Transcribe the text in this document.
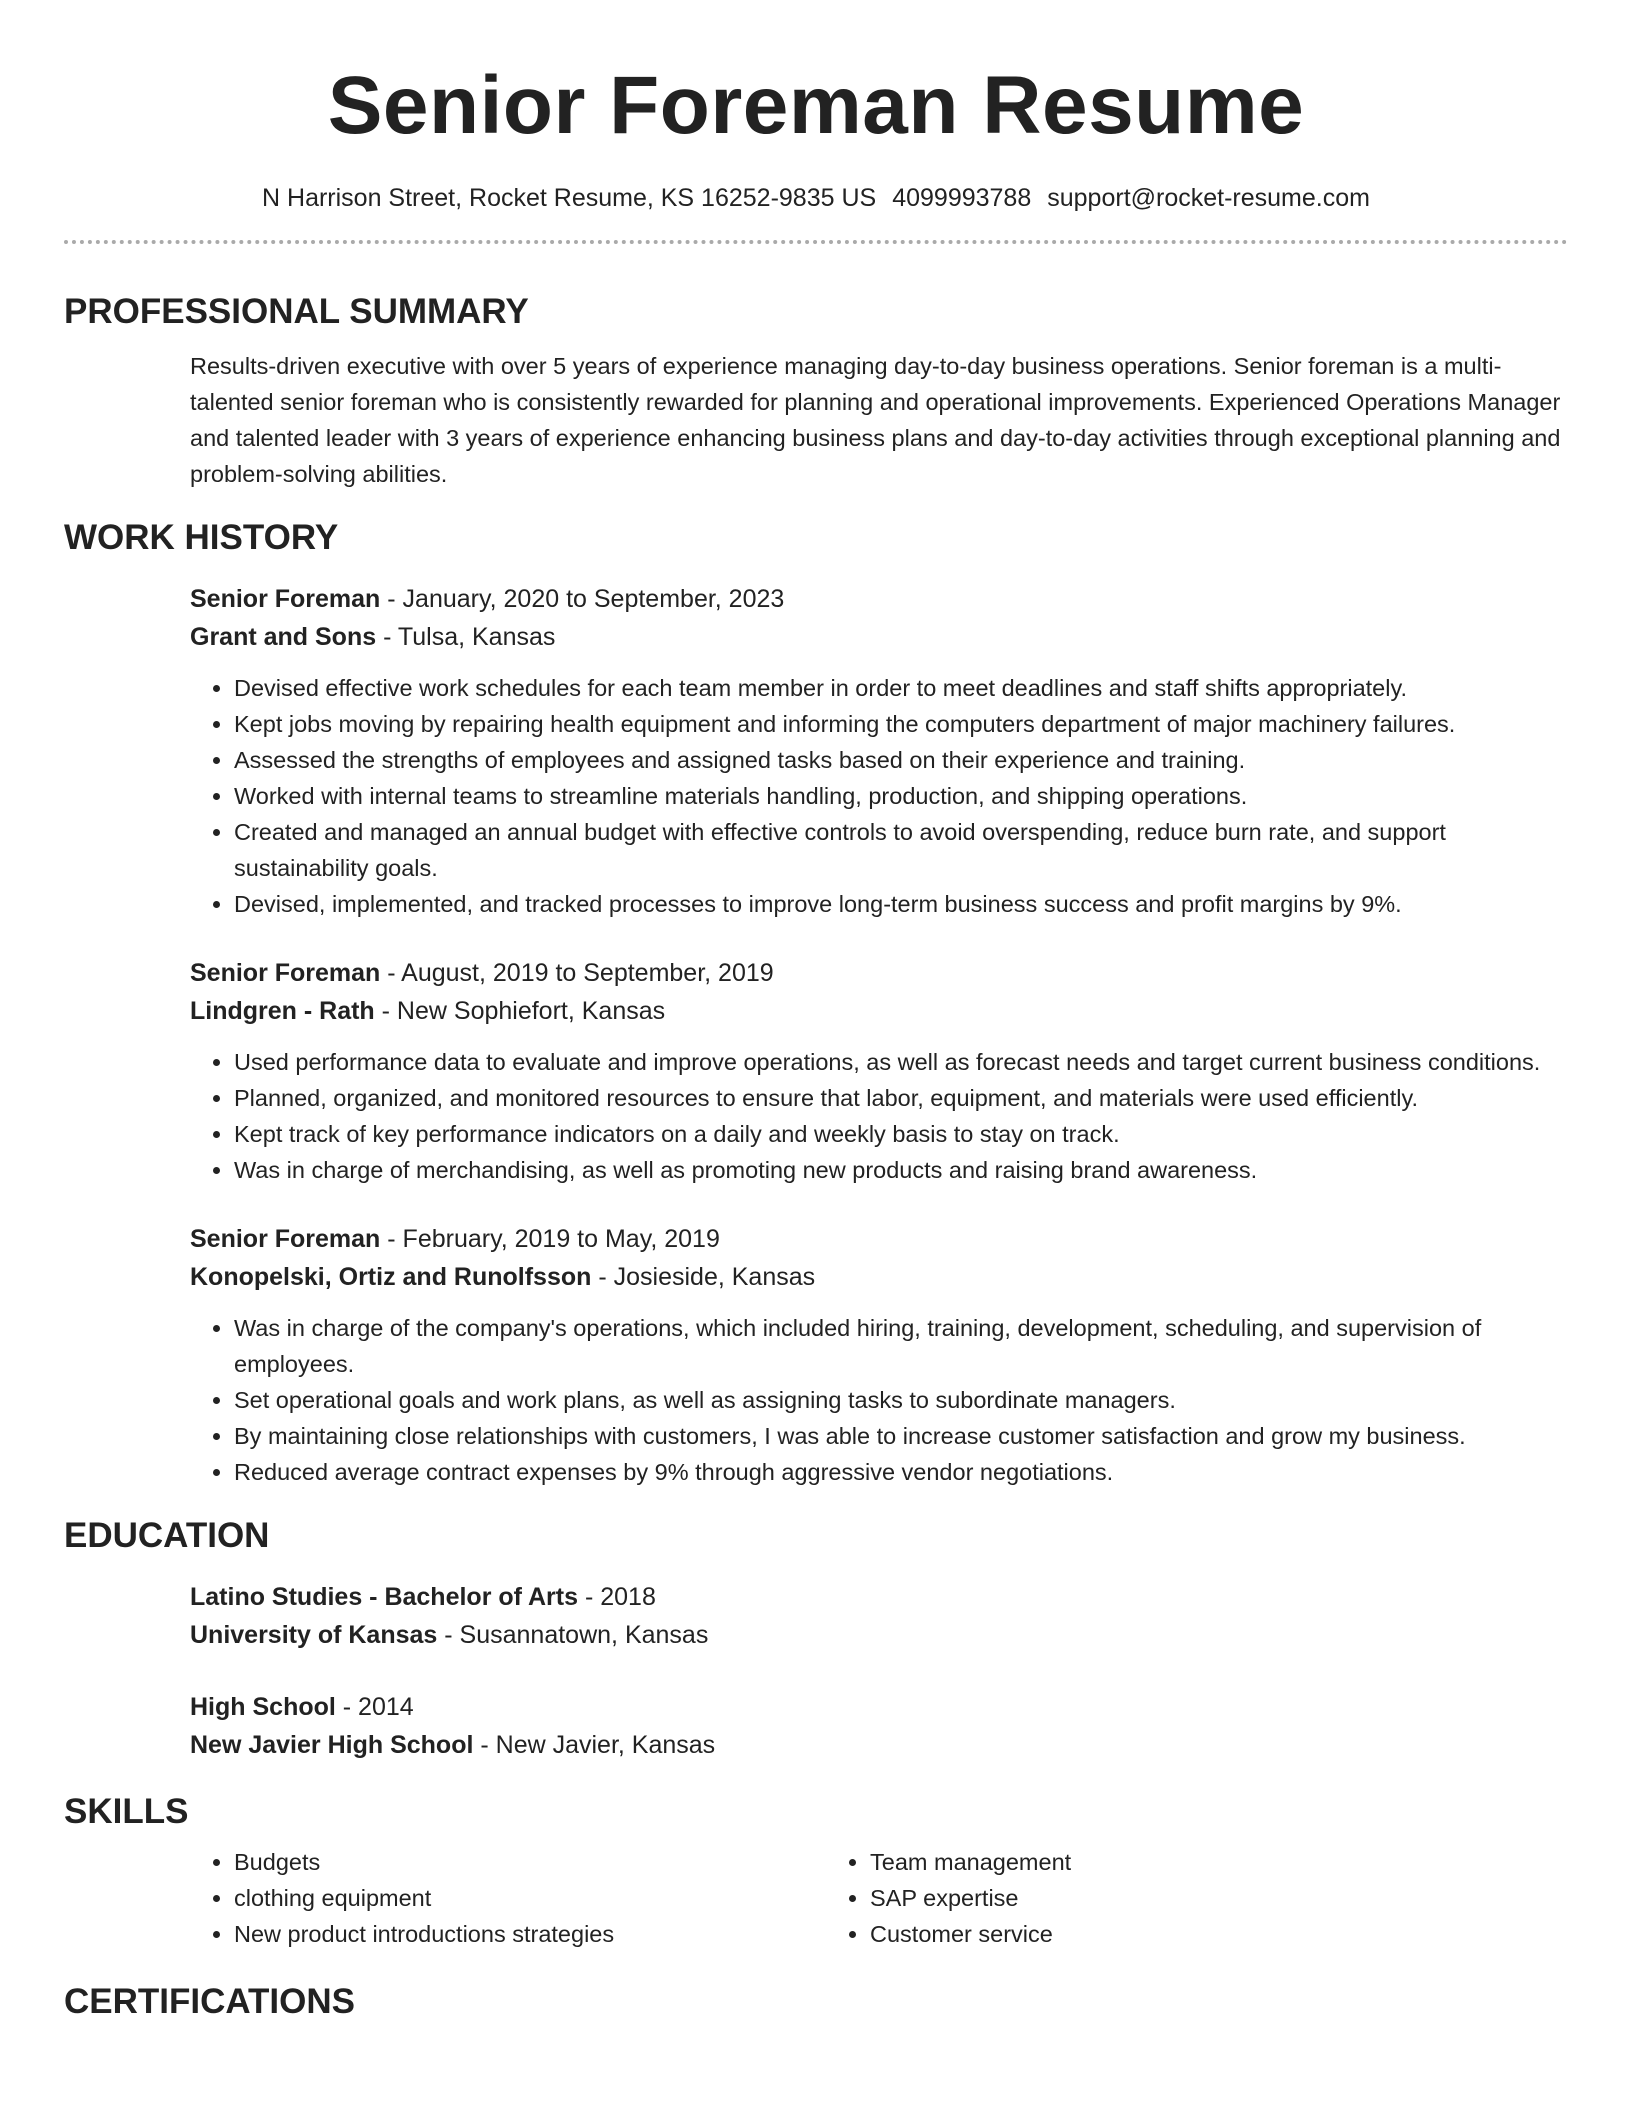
Senior Foreman Resume
N Harrison Street, Rocket Resume, KS 16252-9835 US 4099993788 support@rocket-resume.com
PROFESSIONAL SUMMARY

Results-driven executive with over 5 years of experience managing day-to-day business operations. Senior foreman is a multi-talented senior foreman who is consistently rewarded for planning and operational improvements. Experienced Operations Manager and talented leader with 3 years of experience enhancing business plans and day-to-day activities through exceptional planning and problem-solving abilities.

WORK HISTORY
Senior Foreman - January, 2020 to September, 2023
Grant and Sons - Tulsa, Kansas
• Devised effective work schedules for each team member in order to meet deadlines and staff shifts appropriately.
• Kept jobs moving by repairing health equipment and informing the computers department of major machinery failures.
• Assessed the strengths of employees and assigned tasks based on their experience and training.
• Worked with internal teams to streamline materials handling, production, and shipping operations.
• Created and managed an annual budget with effective controls to avoid overspending, reduce burn rate, and support sustainability goals.
• Devised, implemented, and tracked processes to improve long-term business success and profit margins by 9%.
Senior Foreman - August, 2019 to September, 2019
Lindgren - Rath - New Sophiefort, Kansas
• Used performance data to evaluate and improve operations, as well as forecast needs and target current business conditions.
• Planned, organized, and monitored resources to ensure that labor, equipment, and materials were used efficiently.
• Kept track of key performance indicators on a daily and weekly basis to stay on track.
• Was in charge of merchandising, as well as promoting new products and raising brand awareness.
Senior Foreman - February, 2019 to May, 2019
Konopelski, Ortiz and Runolfsson - Josieside, Kansas
• Was in charge of the company's operations, which included hiring, training, development, scheduling, and supervision of employees.
• Set operational goals and work plans, as well as assigning tasks to subordinate managers.
• By maintaining close relationships with customers, I was able to increase customer satisfaction and grow my business.
• Reduced average contract expenses by 9% through aggressive vendor negotiations.
EDUCATION
Latino Studies - Bachelor of Arts - 2018
University of Kansas - Susannatown, Kansas
High School - 2014
New Javier High School - New Javier, Kansas
SKILLS
• Budgets
• clothing equipment
• New product introductions strategies
• Team management
• SAP expertise
• Customer service
CERTIFICATIONS
